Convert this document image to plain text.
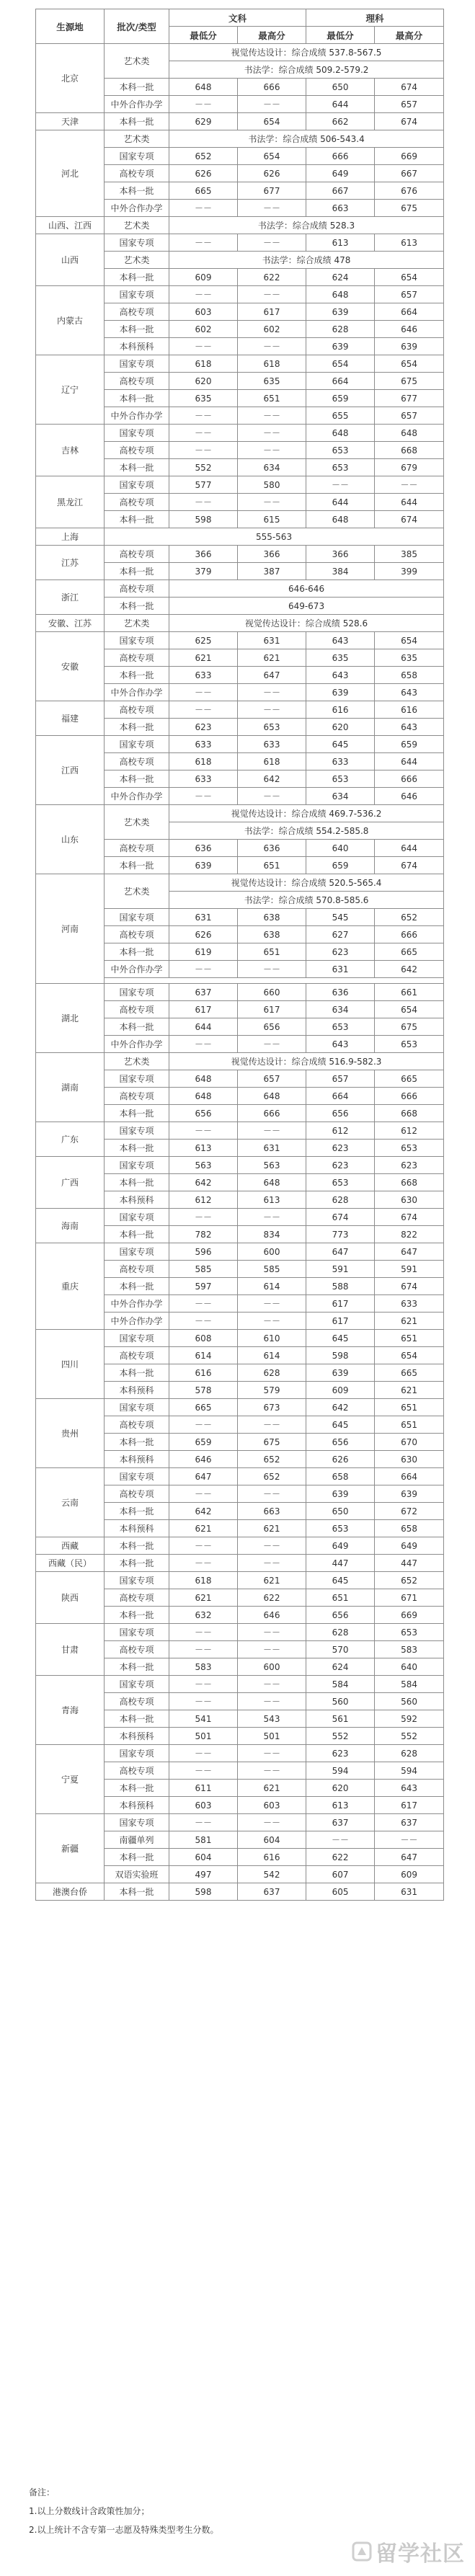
生源地	批次/类型	文科		理科	
		最低分	最高分	最低分	最高分
北京	艺术类	视觉传达设计：综合成绩 537.8-567.5			
		书法学：综合成绩 509.2-579.2			
	本科一批	648	666	650	674
	中外合作办学	－－	－－	644	657
天津	本科一批	629	654	662	674
河北	艺术类	书法学：综合成绩 506-543.4			
	国家专项	652	654	666	669
	高校专项	626	626	649	667
	本科一批	665	677	667	676
	中外合作办学	－－	－－	663	675
山西、江西	艺术类	书法学：综合成绩 528.3			
山西	国家专项	－－	－－	613	613
	艺术类	书法学：综合成绩 478			
	本科一批	609	622	624	654
内蒙古	国家专项	－－	－－	648	657
	高校专项	603	617	639	664
	本科一批	602	602	628	646
	本科预科	－－	－－	639	639
辽宁	国家专项	618	618	654	654
	高校专项	620	635	664	675
	本科一批	635	651	659	677
	中外合作办学	－－	－－	655	657
吉林	国家专项	－－	－－	648	648
	高校专项	－－	－－	653	668
	本科一批	552	634	653	679
黑龙江	国家专项	577	580	－－	－－
	高校专项	－－	－－	644	644
	本科一批	598	615	648	674
上海	555-563				
江苏	高校专项	366	366	366	385
	本科一批	379	387	384	399
浙江	高校专项	646-646			
	本科一批	649-673			
安徽、江苏	艺术类	视觉传达设计：综合成绩 528.6			
安徽	国家专项	625	631	643	654
	高校专项	621	621	635	635
	本科一批	633	647	643	658
	中外合作办学	－－	－－	639	643
福建	高校专项	－－	－－	616	616
	本科一批	623	653	620	643
江西	国家专项	633	633	645	659
	高校专项	618	618	633	644
	本科一批	633	642	653	666
	中外合作办学	－－	－－	634	646
山东	艺术类	视觉传达设计：综合成绩 469.7-536.2			
		书法学：综合成绩 554.2-585.8			
	高校专项	636	636	640	644
	本科一批	639	651	659	674
河南	艺术类	视觉传达设计：综合成绩 520.5-565.4			
		书法学：综合成绩 570.8-585.6			
	国家专项	631	638	545	652
	高校专项	626	638	627	666
	本科一批	619	651	623	665
	中外合作办学	－－	－－	631	642

湖北	国家专项	637	660	636	661
	高校专项	617	617	634	654
	本科一批	644	656	653	675
	中外合作办学	－－	－－	643	653
湖南	艺术类	视觉传达设计：综合成绩 516.9-582.3			
	国家专项	648	657	657	665
	高校专项	648	648	664	666
	本科一批	656	666	656	668
广东	国家专项	－－	－－	612	612
	本科一批	613	631	623	653
广西	国家专项	563	563	623	623
	本科一批	642	648	653	668
	本科预科	612	613	628	630
海南	国家专项	－－	－－	674	674
	本科一批	782	834	773	822
重庆	国家专项	596	600	647	647
	高校专项	585	585	591	591
	本科一批	597	614	588	674
	中外合作办学	－－	－－	617	633
	中外合作办学	－－	－－	617	621
四川	国家专项	608	610	645	651
	高校专项	614	614	598	654
	本科一批	616	628	639	665
	本科预科	578	579	609	621
贵州	国家专项	665	673	642	651
	高校专项	－－	－－	645	651
	本科一批	659	675	656	670
	本科预科	646	652	626	630
云南	国家专项	647	652	658	664
	高校专项	－－	－－	639	639
	本科一批	642	663	650	672
	本科预科	621	621	653	658
西藏	本科一批	－－	－－	649	649
西藏（民）	本科一批	－－	－－	447	447
陕西	国家专项	618	621	645	652
	高校专项	621	622	651	671
	本科一批	632	646	656	669
甘肃	国家专项	－－	－－	628	653
	高校专项	－－	－－	570	583
	本科一批	583	600	624	640
青海	国家专项	－－	－－	584	584
	高校专项	－－	－－	560	560
	本科一批	541	543	561	592
	本科预科	501	501	552	552
宁夏	国家专项	－－	－－	623	628
	高校专项	－－	－－	594	594
	本科一批	611	621	620	643
	本科预科	603	603	613	617
新疆	国家专项	－－	－－	637	637
	南疆单列	581	604	－－	－－
	本科一批	604	616	622	647
	双语实验班	497	542	607	609
港澳台侨	本科一批	598	637	605	631
备注：
1.以上分数线计含政策性加分；
2.以上统计不含专第一志愿及特殊类型考生分数。
留学社区
